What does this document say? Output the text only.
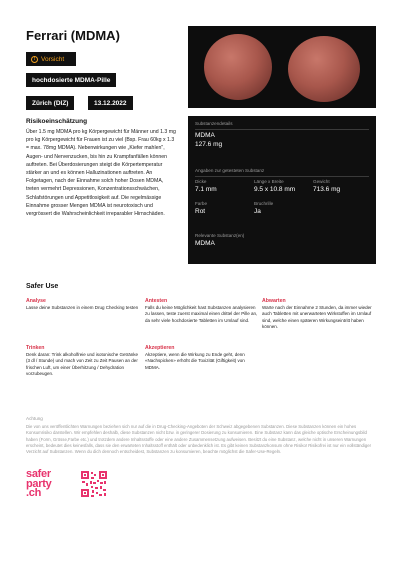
Ferrari (MDMA)
! Vorsicht
hochdosierte MDMA-Pille
Zürich (DIZ)	13.12.2022
Risikoeinschätzung
Über 1.5 mg MDMA pro kg Körpergewicht für Männer und 1.3 mg pro kg Körpergewicht für Frauen ist zu viel (Bsp. Frau 60kg x 1.3 = max. 78mg MDMA). Nebenwirkungen wie „Kiefer mahlen", Augen- und Nervenzucken, bis hin zu Krampfanfällen können auftreten. Bei Überdosierungen steigt die Körpertemperatur stärker an und es können Halluzinationen auftreten. An Folgetagen, nach der Einnahme solch hoher Dosen MDMA, treten vermehrt Depressionen, Konzentrationsschwächen, Schlafstörungen und Appetitlosigkeit auf. Die regelmässige Einnahme grosser Mengen MDMA ist neurotoxisch und vergrössert die Wahrscheinlichkeit irreparabler Hirnschäden.
Substanzendetails
MDMA
127.6 mg
Angaben zur getesteten Substanz
Dicke
7.1 mm
Länge x Breite
9.5 x 10.8 mm
Gewicht
713.6 mg
Farbe
Rot
Bruchrille
Ja
Relevante Substanz(en)
MDMA
Safer Use
Analyse
Lasse deine Substanzen in einem Drug Checking testen
Antesten
Falls du keine Möglichkeit hast Substanzen analysieren zu lassen, teste zuerst maximal einen drittel der Pille an, da sehr viele hochdosierte Tabletten im Umlauf sind.
Abwarten
Warte nach der Einnahme 2 Stunden, da immer wieder auch Tabletten mit unerwarteten Wirkstoffen im Umlauf sind, welche einen späteren Wirkungseintritt haben können.
Trinken
Denk daran: Trink alkoholfreie und isotonische Getränke (3 dl / Stunde) und mach von Zeit zu Zeit Pausen an der frischen Luft, um einer Überhitzung / Dehydration vorzubeugen.
Akzeptieren
Akzeptiere, wenn die Wirkung zu Ende geht, denn «Nachspicken» erhöht die Toxizität (Giftigkeit) von MDMA.
Achtung
Die von uns veröffentlichten Warnungen beziehen sich nur auf die in Drug-Checking-Angeboten der Schweiz abgegebenen Substanzen. Diese Substanzen können ein hohes Konsumrisiko darstellen. Wir empfehlen deshalb, diese Substanzen nicht bzw. in geringerer Dosierung zu konsumieren. Eine Substanz kann das gleiche optische Erscheinungsbild haben (Form, Grösse,Farbe etc.) und trotzdem andere Inhaltsstoffe oder eine andere Zusammensetzung aufweisen. Besitzt du eine Substanz, welche nicht in unseren Warnungen erscheint, bedeutet dies keinesfalls, dass sie den erwarteten Inhaltsstoff enthält oder unbedenklich ist. Es gibt keinen Substanzkonsum ohne Risiko! Risikofrei ist nur ein vollständiger Verzicht auf Substanzen. Wenn du dich dennoch entscheidest, Substanzen zu konsumieren, beachte möglichst die Safer-Use-Regeln.
safer
party
.ch
